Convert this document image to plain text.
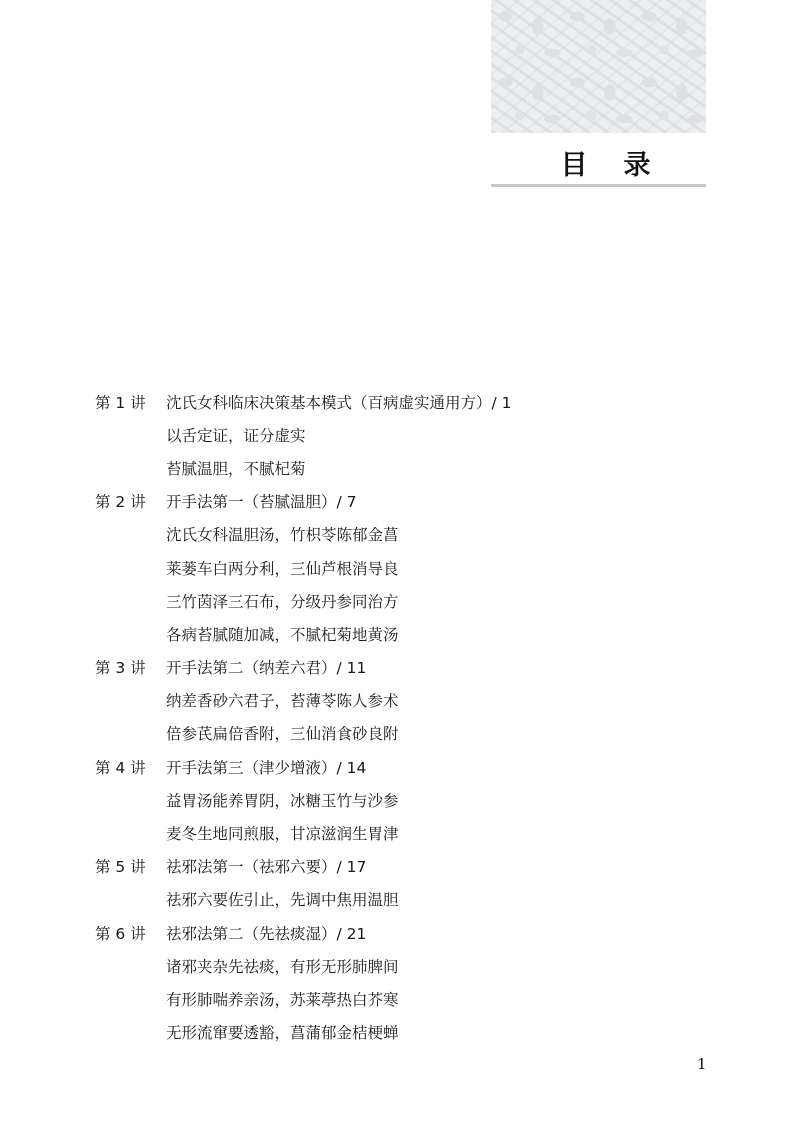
目 录
第 1 讲	沈氏女科临床决策基本模式（百病虚实通用方）/ 1
以舌定证，证分虚实
苔腻温胆，不腻杞菊
第 2 讲	开手法第一（苔腻温胆）/ 7
沈氏女科温胆汤，竹枳苓陈郁金菖
莱蒌车白两分利，三仙芦根消导良
三竹茵泽三石布，分级丹参同治方
各病苔腻随加减，不腻杞菊地黄汤
第 3 讲	开手法第二（纳差六君）/ 11
纳差香砂六君子，苔薄苓陈人参术
倍参芪扁倍香附，三仙消食砂良附
第 4 讲	开手法第三（津少增液）/ 14
益胃汤能养胃阴，冰糖玉竹与沙参
麦冬生地同煎服，甘凉滋润生胃津
第 5 讲	祛邪法第一（祛邪六要）/ 17
祛邪六要佐引止，先调中焦用温胆
第 6 讲	祛邪法第二（先祛痰湿）/ 21
诸邪夹杂先祛痰，有形无形肺脾间
有形肺喘养亲汤，苏莱葶热白芥寒
无形流窜要透豁，菖蒲郁金桔梗蝉
1
